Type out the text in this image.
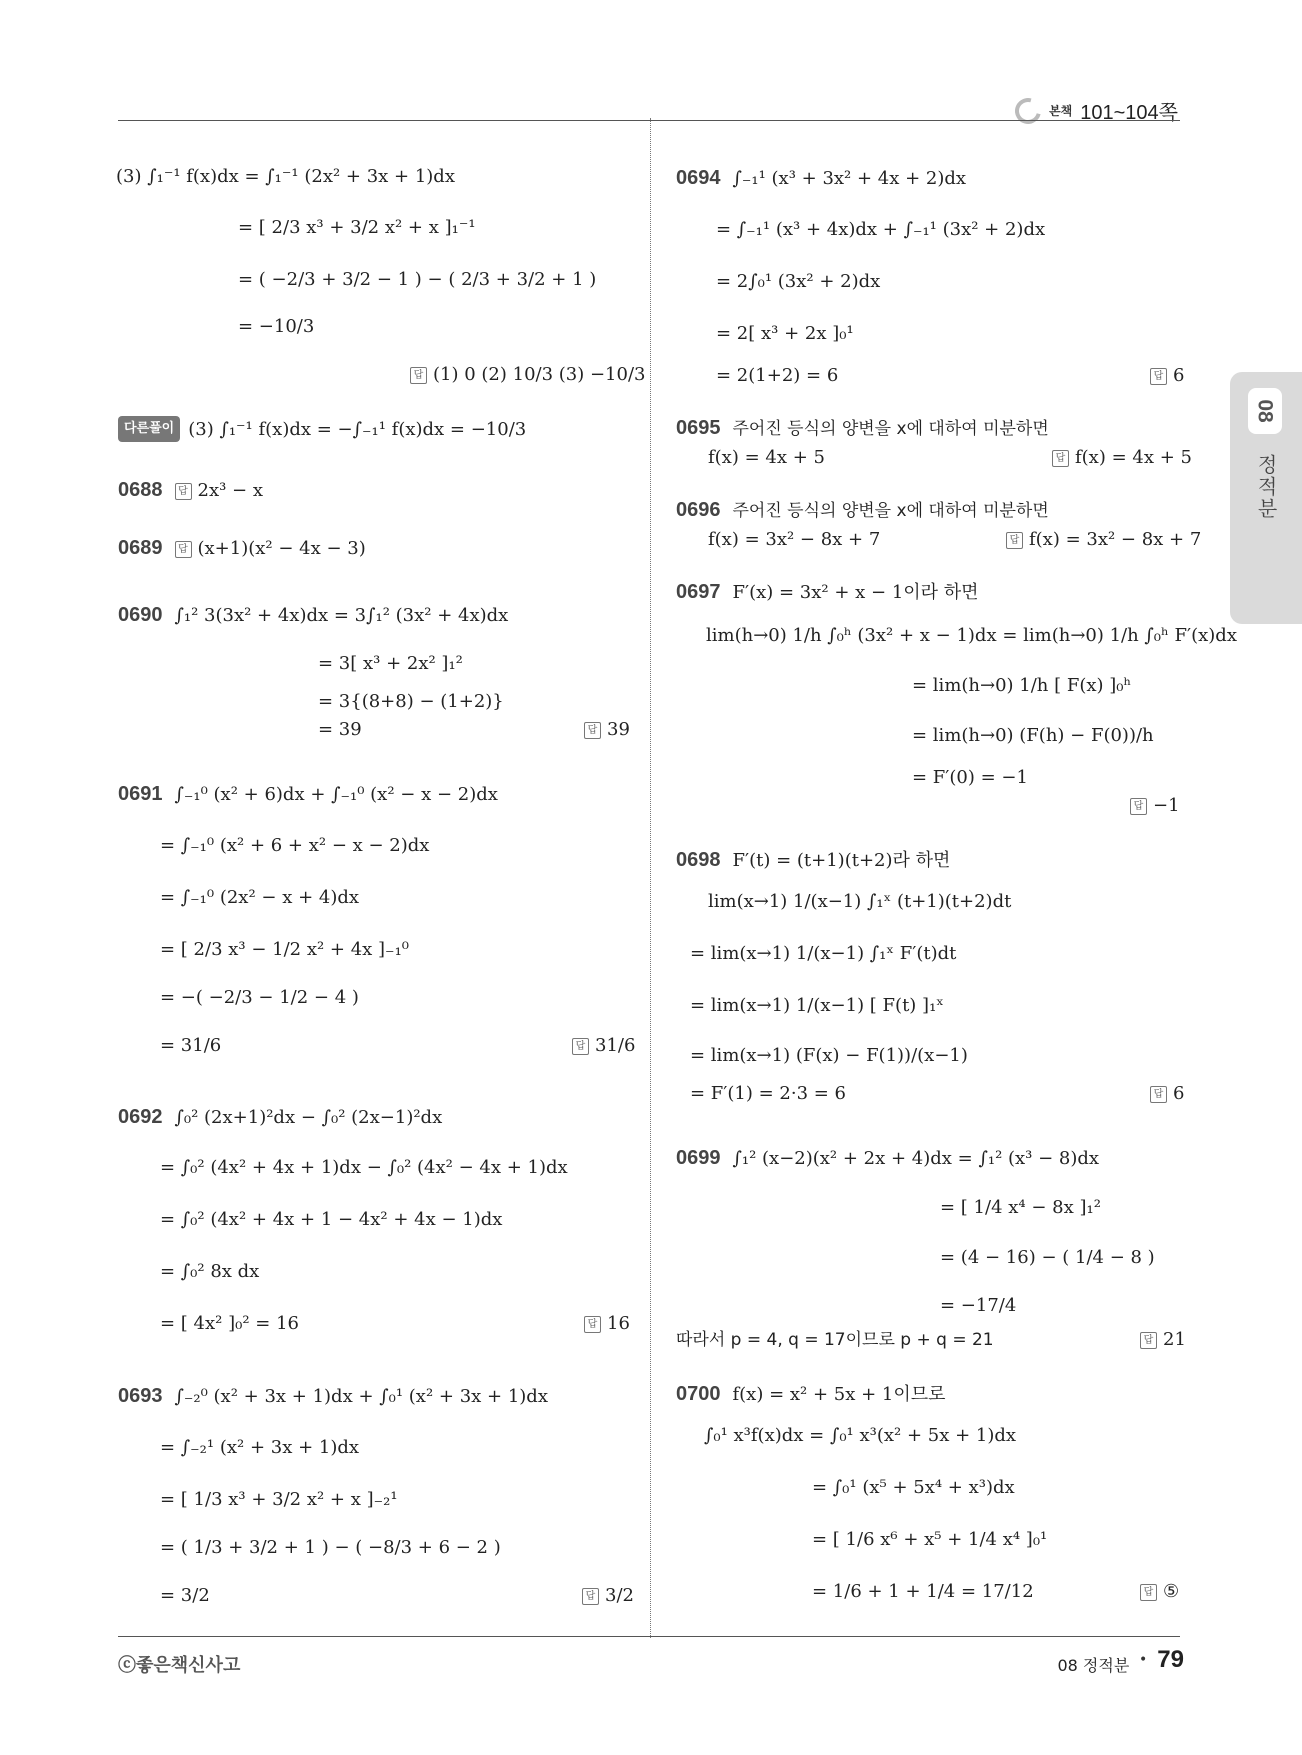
본책 101~104쪽
08
정적분
(3) ∫₁⁻¹ f(x)dx = ∫₁⁻¹ (2x² + 3x + 1)dx
= [ 2/3 x³ + 3/2 x² + x ]₁⁻¹
= ( −2/3 + 3/2 − 1 ) − ( 2/3 + 3/2 + 1 )
= −10/3
답 (1) 0 (2) 10/3 (3) −10/3
다른풀이 (3) ∫₁⁻¹ f(x)dx = −∫₋₁¹ f(x)dx = −10/3
0688 답 2x³ − x
0689 답 (x+1)(x² − 4x − 3)
0690 ∫₁² 3(3x² + 4x)dx = 3∫₁² (3x² + 4x)dx
= 3[ x³ + 2x² ]₁²
= 3{(8+8) − (1+2)}
= 39	답 39
0691 ∫₋₁⁰ (x² + 6)dx + ∫₋₁⁰ (x² − x − 2)dx
= ∫₋₁⁰ (x² + 6 + x² − x − 2)dx
= ∫₋₁⁰ (2x² − x + 4)dx
= [ 2/3 x³ − 1/2 x² + 4x ]₋₁⁰
= −( −2/3 − 1/2 − 4 )
= 31/6	답 31/6
0692 ∫₀² (2x+1)²dx − ∫₀² (2x−1)²dx
= ∫₀² (4x² + 4x + 1)dx − ∫₀² (4x² − 4x + 1)dx
= ∫₀² (4x² + 4x + 1 − 4x² + 4x − 1)dx
= ∫₀² 8x dx
= [ 4x² ]₀² = 16	답 16
0693 ∫₋₂⁰ (x² + 3x + 1)dx + ∫₀¹ (x² + 3x + 1)dx
= ∫₋₂¹ (x² + 3x + 1)dx
= [ 1/3 x³ + 3/2 x² + x ]₋₂¹
= ( 1/3 + 3/2 + 1 ) − ( −8/3 + 6 − 2 )
= 3/2	답 3/2
0694 ∫₋₁¹ (x³ + 3x² + 4x + 2)dx
= ∫₋₁¹ (x³ + 4x)dx + ∫₋₁¹ (3x² + 2)dx
= 2∫₀¹ (3x² + 2)dx
= 2[ x³ + 2x ]₀¹
= 2(1+2) = 6	답 6
0695 주어진 등식의 양변을 x에 대하여 미분하면
f(x) = 4x + 5	답 f(x) = 4x + 5
0696 주어진 등식의 양변을 x에 대하여 미분하면
f(x) = 3x² − 8x + 7	답 f(x) = 3x² − 8x + 7
0697 F′(x) = 3x² + x − 1이라 하면
lim(h→0) 1/h ∫₀ʰ (3x² + x − 1)dx = lim(h→0) 1/h ∫₀ʰ F′(x)dx
= lim(h→0) 1/h [ F(x) ]₀ʰ
= lim(h→0) (F(h) − F(0))/h
= F′(0) = −1
답 −1
0698 F′(t) = (t+1)(t+2)라 하면
lim(x→1) 1/(x−1) ∫₁ˣ (t+1)(t+2)dt
= lim(x→1) 1/(x−1) ∫₁ˣ F′(t)dt
= lim(x→1) 1/(x−1) [ F(t) ]₁ˣ
= lim(x→1) (F(x) − F(1))/(x−1)
= F′(1) = 2·3 = 6	답 6
0699 ∫₁² (x−2)(x² + 2x + 4)dx = ∫₁² (x³ − 8)dx
= [ 1/4 x⁴ − 8x ]₁²
= (4 − 16) − ( 1/4 − 8 )
= −17/4
따라서 p = 4, q = 17이므로 p + q = 21	답 21
0700 f(x) = x² + 5x + 1이므로
∫₀¹ x³f(x)dx = ∫₀¹ x³(x² + 5x + 1)dx
= ∫₀¹ (x⁵ + 5x⁴ + x³)dx
= [ 1/6 x⁶ + x⁵ + 1/4 x⁴ ]₀¹
= 1/6 + 1 + 1/4 = 17/12	답 ⑤
ⓒ좋은책신사고	08 정적분 • 79
